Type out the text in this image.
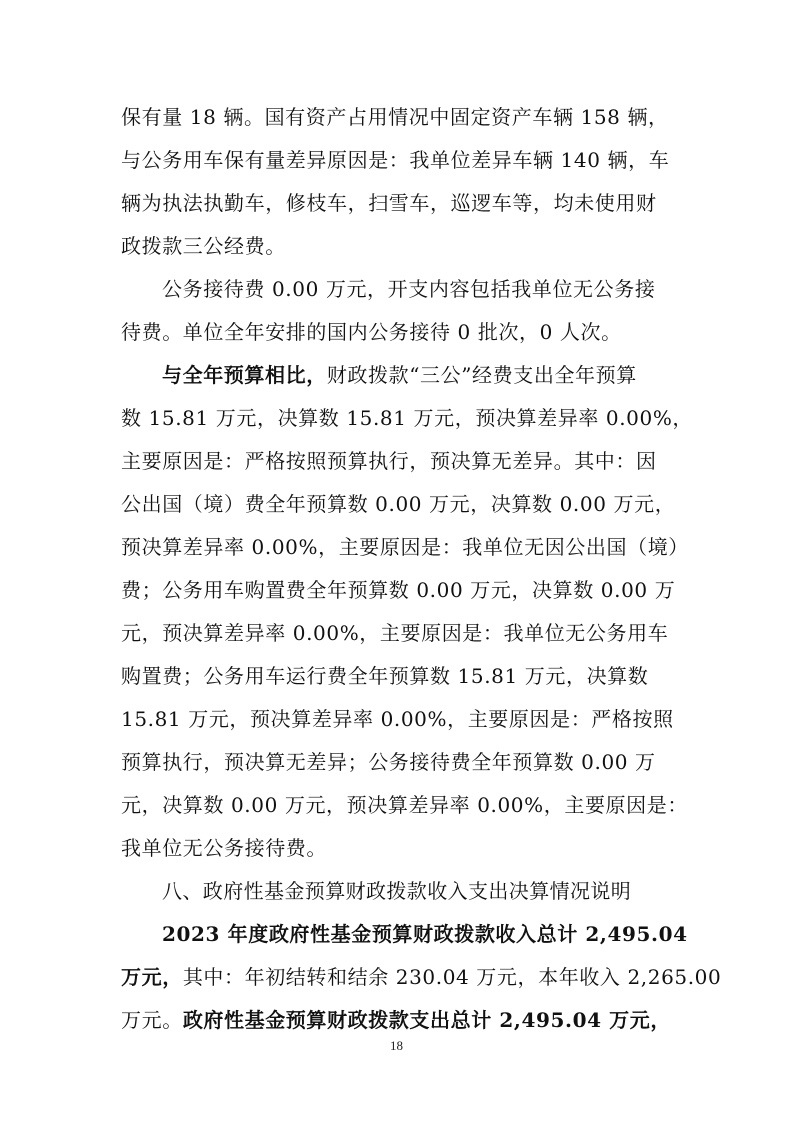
保有量 18 辆。国有资产占用情况中固定资产车辆 158 辆，
与公务用车保有量差异原因是：我单位差异车辆 140 辆，车
辆为执法执勤车，修枝车，扫雪车，巡逻车等，均未使用财
政拨款三公经费。
公务接待费 0.00 万元，开支内容包括我单位无公务接
待费。单位全年安排的国内公务接待 0 批次，0 人次。
与全年预算相比，财政拨款“三公”经费支出全年预算
数 15.81 万元，决算数 15.81 万元，预决算差异率 0.00%，
主要原因是：严格按照预算执行，预决算无差异。其中：因
公出国（境）费全年预算数 0.00 万元，决算数 0.00 万元，
预决算差异率 0.00%，主要原因是：我单位无因公出国（境）
费；公务用车购置费全年预算数 0.00 万元，决算数 0.00 万
元，预决算差异率 0.00%，主要原因是：我单位无公务用车
购置费；公务用车运行费全年预算数 15.81 万元，决算数
15.81 万元，预决算差异率 0.00%，主要原因是：严格按照
预算执行，预决算无差异；公务接待费全年预算数 0.00 万
元，决算数 0.00 万元，预决算差异率 0.00%，主要原因是：
我单位无公务接待费。
八、政府性基金预算财政拨款收入支出决算情况说明
2023 年度政府性基金预算财政拨款收入总计 2,495.04
万元，其中：年初结转和结余 230.04 万元，本年收入 2,265.00
万元。政府性基金预算财政拨款支出总计 2,495.04 万元，
18
